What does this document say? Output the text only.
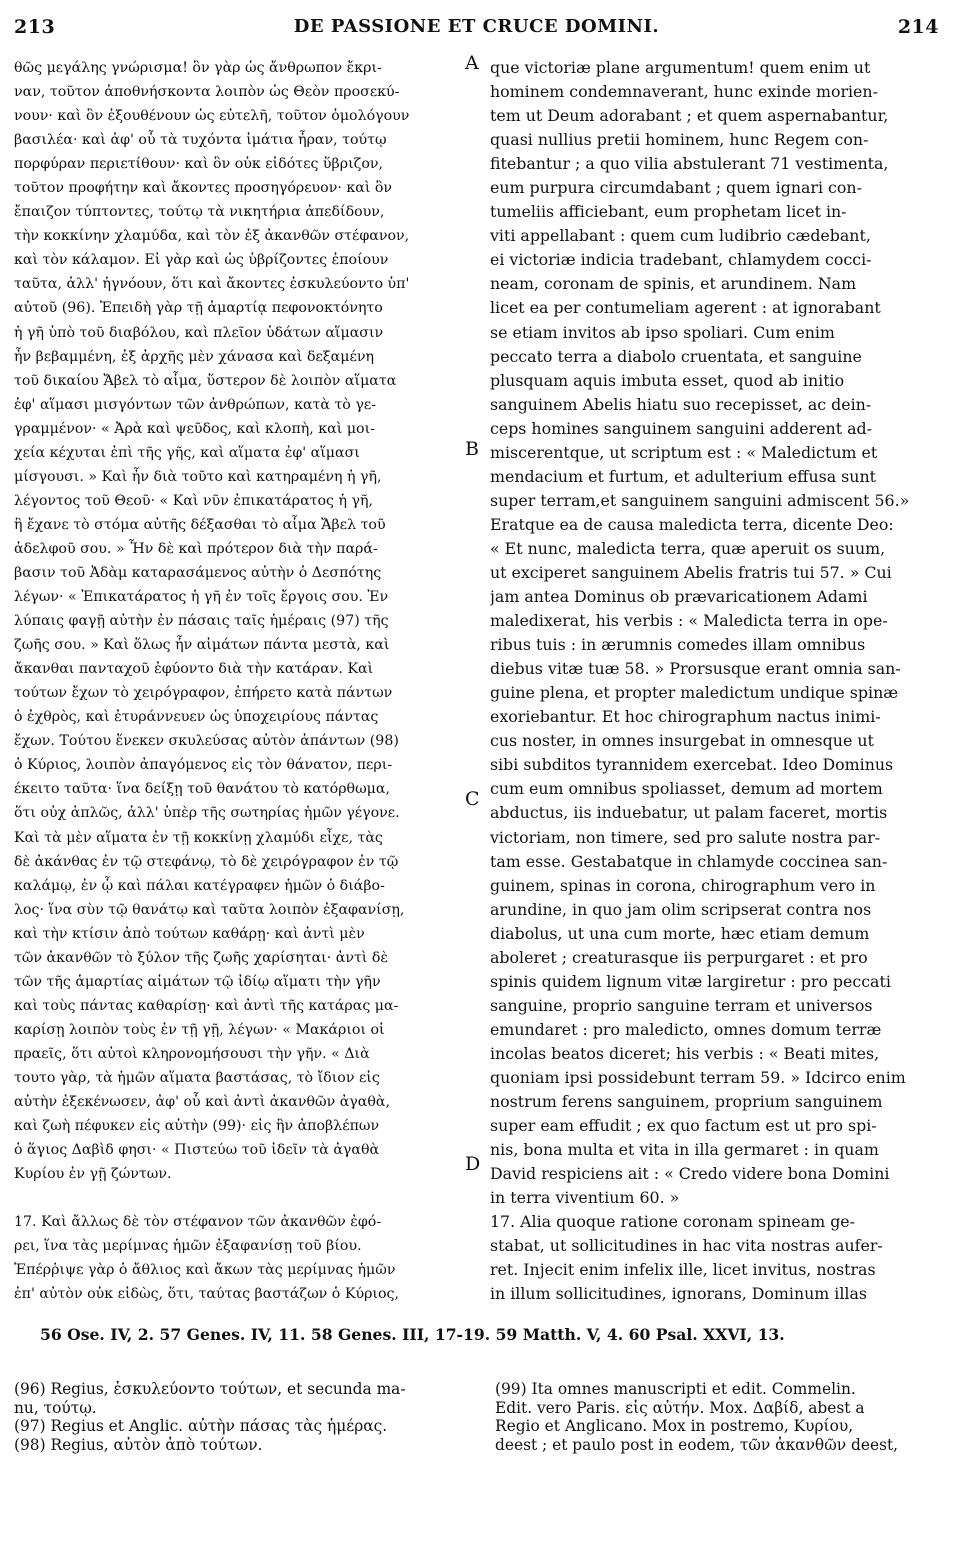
213	DE PASSIONE ET CRUCE DOMINI.	214
θῶς μεγάλης γνώρισμα! ὃν γὰρ ὡς ἄνθρωπον ἔκρι-
ναν, τοῦτον ἀποθνήσκοντα λοιπὸν ὡς Θεὸν προσεκύ-
νουν· καὶ ὃν ἐξουθένουν ὡς εὐτελῆ, τοῦτον ὁμολόγουν
βασιλέα· καὶ ἀφ' οὗ τὰ τυχόντα ἱμάτια ἦραν, τούτῳ
πορφύραν περιετίθουν· καὶ ὃν οὐκ εἰδότες ὕβριζον,
τοῦτον προφήτην καὶ ἄκοντες προσηγόρευον· καὶ ὃν
ἔπαιζον τύπτοντες, τούτῳ τὰ νικητήρια ἀπεδίδουν,
τὴν κοκκίνην χλαμύδα, καὶ τὸν ἐξ ἀκανθῶν στέφανον,
καὶ τὸν κάλαμον. Εἰ γὰρ καὶ ὡς ὑβρίζοντες ἐποίουν
ταῦτα, ἀλλ' ἠγνόουν, ὅτι καὶ ἄκοντες ἐσκυλεύοντο ὑπ'
αὐτοῦ (96). Ἐπειδὴ γὰρ τῇ ἁμαρτίᾳ πεφονοκτόνητο
ἡ γῆ ὑπὸ τοῦ διαβόλου, καὶ πλεῖον ὑδάτων αἵμασιν
ἦν βεβαμμένη, ἐξ ἀρχῆς μὲν χάνασα καὶ δεξαμένη
τοῦ δικαίου Ἄβελ τὸ αἷμα, ὕστερον δὲ λοιπὸν αἵματα
ἐφ' αἵμασι μισγόντων τῶν ἀνθρώπων, κατὰ τὸ γε-
γραμμένον· « Ἀρὰ καὶ ψεῦδος, καὶ κλοπὴ, καὶ μοι-
χεία κέχυται ἐπὶ τῆς γῆς, καὶ αἵματα ἐφ' αἵμασι
μίσγουσι. » Καὶ ἦν διὰ τοῦτο καὶ κατηραμένη ἡ γῆ,
λέγοντος τοῦ Θεοῦ· « Καὶ νῦν ἐπικατάρατος ἡ γῆ,
ἣ ἔχανε τὸ στόμα αὐτῆς δέξασθαι τὸ αἷμα Ἄβελ τοῦ
ἀδελφοῦ σου. » Ἦν δὲ καὶ πρότερον διὰ τὴν παρά-
βασιν τοῦ Ἀδὰμ καταρασάμενος αὐτὴν ὁ Δεσπότης
λέγων· « Ἐπικατάρατος ἡ γῆ ἐν τοῖς ἔργοις σου. Ἐν
λύπαις φαγῇ αὐτὴν ἐν πάσαις ταῖς ἡμέραις (97) τῆς
ζωῆς σου. » Καὶ ὅλως ἦν αἱμάτων πάντα μεστὰ, καὶ
ἄκανθαι πανταχοῦ ἐφύοντο διὰ τὴν κατάραν. Καὶ
τούτων ἔχων τὸ χειρόγραφον, ἐπήρετο κατὰ πάντων
ὁ ἐχθρὸς, καὶ ἐτυράννευεν ὡς ὑποχειρίους πάντας
ἔχων. Τούτου ἕνεκεν σκυλεύσας αὐτὸν ἁπάντων (98)
ὁ Κύριος, λοιπὸν ἀπαγόμενος εἰς τὸν θάνατον, περι-
έκειτο ταῦτα· ἵνα δείξῃ τοῦ θανάτου τὸ κατόρθωμα,
ὅτι οὐχ ἁπλῶς, ἀλλ' ὑπὲρ τῆς σωτηρίας ἡμῶν γέγονε.
Καὶ τὰ μὲν αἵματα ἐν τῇ κοκκίνῃ χλαμύδι εἶχε, τὰς
δὲ ἀκάνθας ἐν τῷ στεφάνῳ, τὸ δὲ χειρόγραφον ἐν τῷ
καλάμῳ, ἐν ᾧ καὶ πάλαι κατέγραφεν ἡμῶν ὁ διάβο-
λος· ἵνα σὺν τῷ θανάτῳ καὶ ταῦτα λοιπὸν ἐξαφανίσῃ,
καὶ τὴν κτίσιν ἀπὸ τούτων καθάρῃ· καὶ ἀντὶ μὲν
τῶν ἀκανθῶν τὸ ξύλον τῆς ζωῆς χαρίσηται· ἀντὶ δὲ
τῶν τῆς ἁμαρτίας αἱμάτων τῷ ἰδίῳ αἵματι τὴν γῆν
καὶ τοὺς πάντας καθαρίσῃ· καὶ ἀντὶ τῆς κατάρας μα-
καρίσῃ λοιπὸν τοὺς ἐν τῇ γῇ, λέγων· « Μακάριοι οἱ
πραεῖς, ὅτι αὐτοὶ κληρονομήσουσι τὴν γῆν. « Διὰ
τουτο γὰρ, τὰ ἡμῶν αἵματα βαστάσας, τὸ ἴδιον εἰς
αὐτὴν ἐξεκένωσεν, ἀφ' οὗ καὶ ἀντὶ ἀκανθῶν ἀγαθὰ,
καὶ ζωὴ πέφυκεν εἰς αὐτὴν (99)· εἰς ἣν ἀποβλέπων
ὁ ἅγιος Δαβὶδ φησι· « Πιστεύω τοῦ ἰδεῖν τὰ ἀγαθὰ
Κυρίου ἐν γῇ ζώντων.
17. Καὶ ἄλλως δὲ τὸν στέφανον τῶν ἀκανθῶν ἐφό-
ρει, ἵνα τὰς μερίμνας ἡμῶν ἐξαφανίσῃ τοῦ βίου.
Ἐπέρῥιψε γὰρ ὁ ἄθλιος καὶ ἄκων τὰς μερίμνας ἡμῶν
ἐπ' αὐτὸν οὐκ εἰδὼς, ὅτι, ταύτας βαστάζων ὁ Κύριος,
que victoriæ plane argumentum! quem enim ut
hominem condemnaverant, hunc exinde morien-
tem ut Deum adorabant ; et quem aspernabantur,
quasi nullius pretii hominem, hunc Regem con-
fitebantur ; a quo vilia abstulerant 71 vestimenta,
eum purpura circumdabant ; quem ignari con-
tumeliis afficiebant, eum prophetam licet in-
viti appellabant : quem cum ludibrio cædebant,
ei victoriæ indicia tradebant, chlamydem cocci-
neam, coronam de spinis, et arundinem. Nam
licet ea per contumeliam agerent : at ignorabant
se etiam invitos ab ipso spoliari. Cum enim
peccato terra a diabolo cruentata, et sanguine
plusquam aquis imbuta esset, quod ab initio
sanguinem Abelis hiatu suo recepisset, ac dein-
ceps homines sanguinem sanguini adderent ad-
miscerentque, ut scriptum est : « Maledictum et
mendacium et furtum, et adulterium effusa sunt
super terram,et sanguinem sanguini admiscent 56.»
Eratque ea de causa maledicta terra, dicente Deo:
« Et nunc, maledicta terra, quæ aperuit os suum,
ut exciperet sanguinem Abelis fratris tui 57. » Cui
jam antea Dominus ob prævaricationem Adami
maledixerat, his verbis : « Maledicta terra in ope-
ribus tuis : in ærumnis comedes illam omnibus
diebus vitæ tuæ 58. » Prorsusque erant omnia san-
guine plena, et propter maledictum undique spinæ
exoriebantur. Et hoc chirographum nactus inimi-
cus noster, in omnes insurgebat in omnesque ut
sibi subditos tyrannidem exercebat. Ideo Dominus
cum eum omnibus spoliasset, demum ad mortem
abductus, iis induebatur, ut palam faceret, mortis
victoriam, non timere, sed pro salute nostra par-
tam esse. Gestabatque in chlamyde coccinea san-
guinem, spinas in corona, chirographum vero in
arundine, in quo jam olim scripserat contra nos
diabolus, ut una cum morte, hæc etiam demum
aboleret ; creaturasque iis perpurgaret : et pro
spinis quidem lignum vitæ largiretur : pro peccati
sanguine, proprio sanguine terram et universos
emundaret : pro maledicto, omnes domum terræ
incolas beatos diceret; his verbis : « Beati mites,
quoniam ipsi possidebunt terram 59. » Idcirco enim
nostrum ferens sanguinem, proprium sanguinem
super eam effudit ; ex quo factum est ut pro spi-
nis, bona multa et vita in illa germaret : in quam
David respiciens ait : « Credo videre bona Domini
in terra viventium 60. »
17. Alia quoque ratione coronam spineam ge-
stabat, ut sollicitudines in hac vita nostras aufer-
ret. Injecit enim infelix ille, licet invitus, nostras
in illum sollicitudines, ignorans, Dominum illas
A
B
C
D
56 Ose. IV, 2. 57 Genes. IV, 11. 58 Genes. III, 17-19. 59 Matth. V, 4. 60 Psal. XXVI, 13.
(96) Regius, ἐσκυλεύοντο τούτων, et secunda ma-
nu, τούτῳ.
(97) Regius et Anglic. αὐτὴν πάσας τὰς ἡμέρας.
(98) Regius, αὐτὸν ἀπὸ τούτων.
(99) Ita omnes manuscripti et edit. Commelin.
Edit. vero Paris. εἰς αὐτήν. Mox. Δαβίδ, abest a
Regio et Anglicano. Mox in postremo, Κυρίου,
deest ; et paulo post in eodem, τῶν ἀκανθῶν deest,
